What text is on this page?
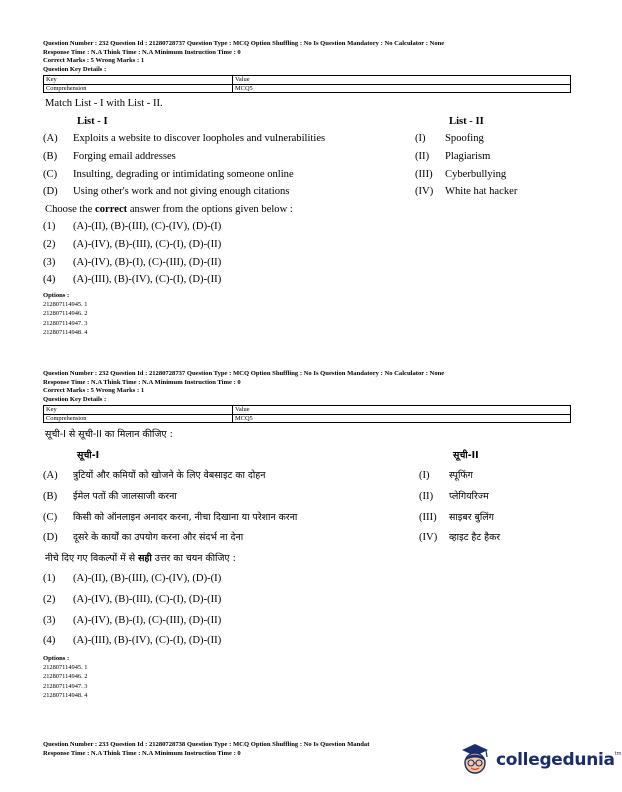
Question Number : 232 Question Id : 21280728737 Question Type : MCQ Option Shuffling : No Is Question Mandatory : No Calculator : None
Response Time : N.A Think Time : N.A Minimum Instruction Time : 0
Correct Marks : 5 Wrong Marks : 1
Question Key Details :
Key	Value
Comprehension	MCQ5
Match List - I with List - II.
List - I	List - II
(A)	Exploits a website to discover loopholes and vulnerabilities	(I)	Spoofing
(B)	Forging email addresses	(II)	Plagiarism
(C)	Insulting, degrading or intimidating someone online	(III)	Cyberbullying
(D)	Using other's work and not giving enough citations	(IV)	White hat hacker
Choose the correct answer from the options given below :
(1)	(A)-(II), (B)-(III), (C)-(IV), (D)-(I)
(2)	(A)-(IV), (B)-(III), (C)-(I), (D)-(II)
(3)	(A)-(IV), (B)-(I), (C)-(III), (D)-(II)
(4)	(A)-(III), (B)-(IV), (C)-(I), (D)-(II)
Options :
212807114945. 1
212807114946. 2
212807114947. 3
212807114948. 4
Question Number : 232 Question Id : 21280728737 Question Type : MCQ Option Shuffling : No Is Question Mandatory : No Calculator : None
Response Time : N.A Think Time : N.A Minimum Instruction Time : 0
Correct Marks : 5 Wrong Marks : 1
Question Key Details :
Key	Value
Comprehension	MCQ5
सूची-I से सूची-II का मिलान कीजिए :
सूची-I	सूची-II
(A)	त्रुटियों और कमियों को खोजने के लिए वेबसाइट का दोहन	(I)	स्पूफिंग
(B)	ईमेल पतों की जालसाजी करना	(II)	प्लेगियरिज्म
(C)	किसी को ऑनलाइन अनादर करना, नीचा दिखाना या परेशान करना	(III)	साइबर बुलिंग
(D)	दूसरे के कार्यों का उपयोग करना और संदर्भ ना देना	(IV)	व्हाइट हैट हैकर
नीचे दिए गए विकल्पों में से सही उत्तर का चयन कीजिए :
(1)	(A)-(II), (B)-(III), (C)-(IV), (D)-(I)
(2)	(A)-(IV), (B)-(III), (C)-(I), (D)-(II)
(3)	(A)-(IV), (B)-(I), (C)-(III), (D)-(II)
(4)	(A)-(III), (B)-(IV), (C)-(I), (D)-(II)
Options :
212807114945. 1
212807114946. 2
212807114947. 3
212807114948. 4
Question Number : 233 Question Id : 21280728738 Question Type : MCQ Option Shuffling : No Is Question Mandat
Response Time : N.A Think Time : N.A Minimum Instruction Time : 0	collegedunia$^{tm}$
